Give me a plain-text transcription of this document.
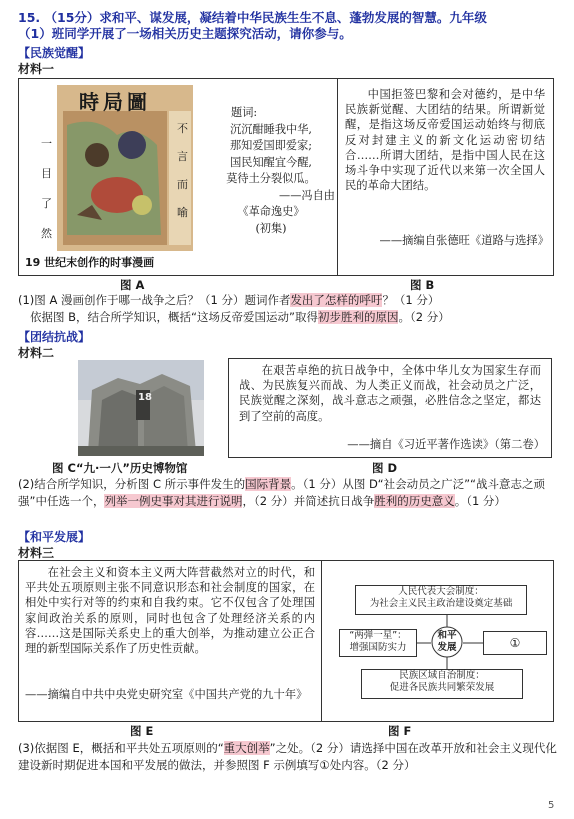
15. （15分）求和平、谋发展，凝结着中华民族生生不息、蓬勃发展的智慧。九年级
（1）班同学开展了一场相关历史主题探究活动，请你参与。
【民族觉醒】
材料一
時局圖
不言而喻
一目了然
19 世纪末创作的时事漫画
题词:
沉沉酣睡我中华,
那知爱国即爱家;
国民知醒宜今醒,
莫待土分裂似瓜。
——冯自由
《革命逸史》
(初集)
中国拒签巴黎和会对德约，是中华民族新觉醒、大团结的结果。所谓新觉醒，是指这场反帝爱国运动始终与彻底反对封建主义的新文化运动密切结合……所谓大团结，是指中国人民在这场斗争中实现了近代以来第一次全国人民的革命大团结。
——摘编自张德旺《道路与选择》
图 A	图 B
(1)图 A 漫画创作于哪一战争之后？（1 分）题词作者发出了怎样的呼吁？（1 分）
依据图 B，结合所学知识，概括“这场反帝爱国运动”取得初步胜利的原因。（2 分）
【团结抗战】
材料二
18
在艰苦卓绝的抗日战争中，全体中华儿女为国家生存而战、为民族复兴而战、为人类正义而战，社会动员之广泛，民族觉醒之深刻，战斗意志之顽强，必胜信念之坚定，都达到了空前的高度。
——摘自《习近平著作选读》（第二卷）
图 C“九·一八”历史博物馆	图 D
(2)结合所学知识，分析图 C 所示事件发生的国际背景。（1 分）从图 D“社会动员之广泛”“战斗意志之顽强”中任选一个，列举一例史事对其进行说明，（2 分）并简述抗日战争胜利的历史意义。（1 分）
【和平发展】
材料三
在社会主义和资本主义两大阵营截然对立的时代，和平共处五项原则主张不同意识形态和社会制度的国家，在相处中实行对等的约束和自我约束。它不仅包含了处理国家间政治关系的原则，同时也包含了处理经济关系的内容……这是国际关系史上的重大创举，为推动建立公正合理的新型国际关系作了历史性贡献。
——摘编自中共中央党史研究室《中国共产党的九十年》
人民代表大会制度：
为社会主义民主政治建设奠定基础
“两弹一星”：
增强国防实力
和平发展	①
民族区域自治制度：
促进各民族共同繁荣发展
图 E	图 F
(3)依据图 E，概括和平共处五项原则的“重大创举”之处。（2 分）请选择中国在改革开放和社会主义现代化建设新时期促进本国和平发展的做法，并参照图 F 示例填写①处内容。（2 分）
5
